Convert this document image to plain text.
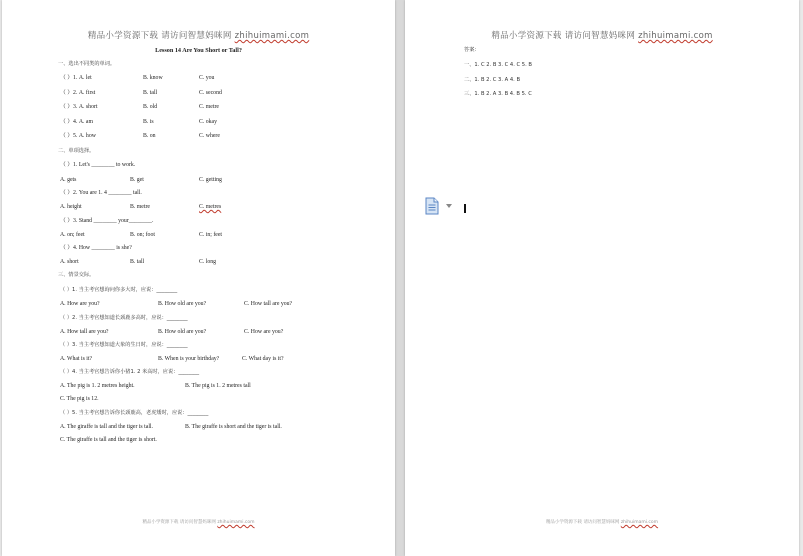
精品小学资源下载 请访问智慧妈咪网 zhihuimami.com
Lesson 14 Are You Short or Tall?
一、选出不同类的单词。
（ ）1. A. let	B. know	C. you
（ ）2. A. first	B. tall	C. second
（ ）3. A. short	B. old	C. metre
（ ）4. A. am	B. is	C. okay
（ ）5. A. how	B. on	C. where
二、单项选择。
（ ）1. Let's ________ to work.
A. gets	B. get	C. getting
（ ）2. You are 1. 4 ________ tall.
A. height	B. metre	C. metres
（ ）3. Stand ________ your________.
A. on; feet	B. on; foot	C. in; feet
（ ）4. How ________ is she?
A. short	B. tall	C. long
三、情景交际。
（ ）1. 当主考官想询问你多大时，应说：________
A. How are you?	B. How old are you?	C. How tall are you?
（ ）2. 当主考官想知道长颈鹿多高时，应说：________
A. How tall are you?	B. How old are you?	C. How are you?
（ ）3. 当主考官想知道大象的生日时，应说：________
A. What is it?	B. When is your birthday?	C. What day is it?
（ ）4. 当主考官想告诉你小猪1. 2 米高时，应说：________
A. The pig is 1. 2 metres height.	B. The pig is 1. 2 metres tall
C. The pig is 12.
（ ）5. 当主考官想告诉你长颈鹿高，老虎矮时，应说：________
A. The giraffe is tall and the tiger is tall.	B. The giraffe is short and the tiger is tall.
C. The giraffe is tall and the tiger is short.
精品小学资源下载 请访问智慧妈咪网 zhihuimami.com
精品小学资源下载 请访问智慧妈咪网 zhihuimami.com
答案：
一、1. C 2. B 3. C 4. C 5. B
二、1. B 2. C 3. A 4. B
三、1. B 2. A 3. B 4. B 5. C
精品小学资源下载 请访问智慧妈咪网 zhihuimami.com
